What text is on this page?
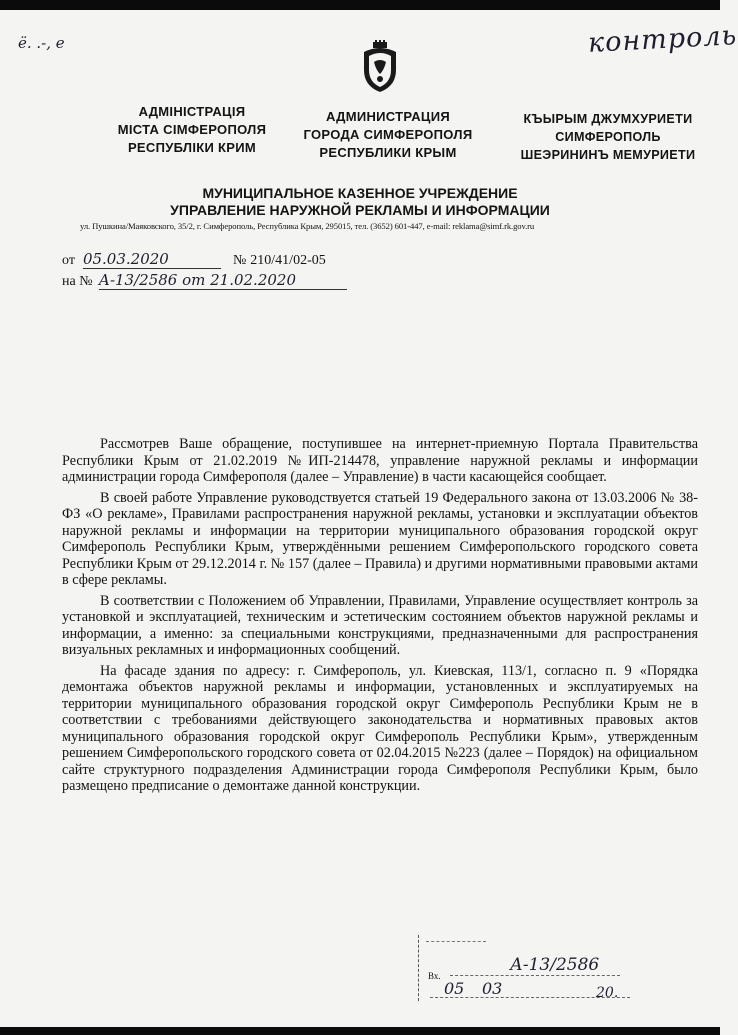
ё. .-, е	контроль
АДМІНІСТРАЦІЯ
МІСТА СІМФЕРОПОЛЯ
РЕСПУБЛІКИ КРИМ
АДМИНИСТРАЦИЯ
ГОРОДА СИМФЕРОПОЛЯ
РЕСПУБЛИКИ КРЫМ
КЪЫРЫМ ДЖУМХУРИЕТИ
СИМФЕРОПОЛЬ
ШЕЭРИНИНЪ МЕМУРИЕТИ
МУНИЦИПАЛЬНОЕ КАЗЕННОЕ УЧРЕЖДЕНИЕ
УПРАВЛЕНИЕ НАРУЖНОЙ РЕКЛАМЫ И ИНФОРМАЦИИ
ул. Пушкина/Маяковского, 35/2, г. Симферополь, Республика Крым, 295015, тел. (3652) 601-447, e-mail: reklama@simf.rk.gov.ru
от 05.03.2020	№ 210/41/02-05
на № А-13/2586 от 21.02.2020

Рассмотрев Ваше обращение, поступившее на интернет-приемную Портала Правительства Республики Крым от 21.02.2019 №ИП-214478, управление наружной рекламы и информации администрации города Симферополя (далее – Управление) в части касающейся сообщает.

В своей работе Управление руководствуется статьей 19 Федерального закона от 13.03.2006 № 38-ФЗ «О рекламе», Правилами распространения наружной рекламы, установки и эксплуатации объектов наружной рекламы и информации на территории муниципального образования городской округ Симферополь Республики Крым, утверждёнными решением Симферопольского городского совета Республики Крым от 29.12.2014 г. № 157 (далее – Правила) и другими нормативными правовыми актами в сфере рекламы.

В соответствии с Положением об Управлении, Правилами, Управление осуществляет контроль за установкой и эксплуатацией, техническим и эстетическим состоянием объектов наружной рекламы и информации, а именно: за специальными конструкциями, предназначенными для распространения визуальных рекламных и информационных сообщений.

На фасаде здания по адресу: г. Симферополь, ул. Киевская, 113/1, согласно п. 9 «Порядка демонтажа объектов наружной рекламы и информации, установленных и эксплуатируемых на территории муниципального образования городской округ Симферополь Республики Крым не в соответствии с требованиями действующего законодательства и нормативных правовых актов муниципального образования городской округ Симферополь Республики Крым», утвержденным решением Симферопольского городского совета от 02.04.2015 №223 (далее – Порядок) на официальном сайте структурного подразделения Администрации города Симферополя Республики Крым, было размещено предписание о демонтаже данной конструкции.

Вх.
А-13/2586
05 03	20.
